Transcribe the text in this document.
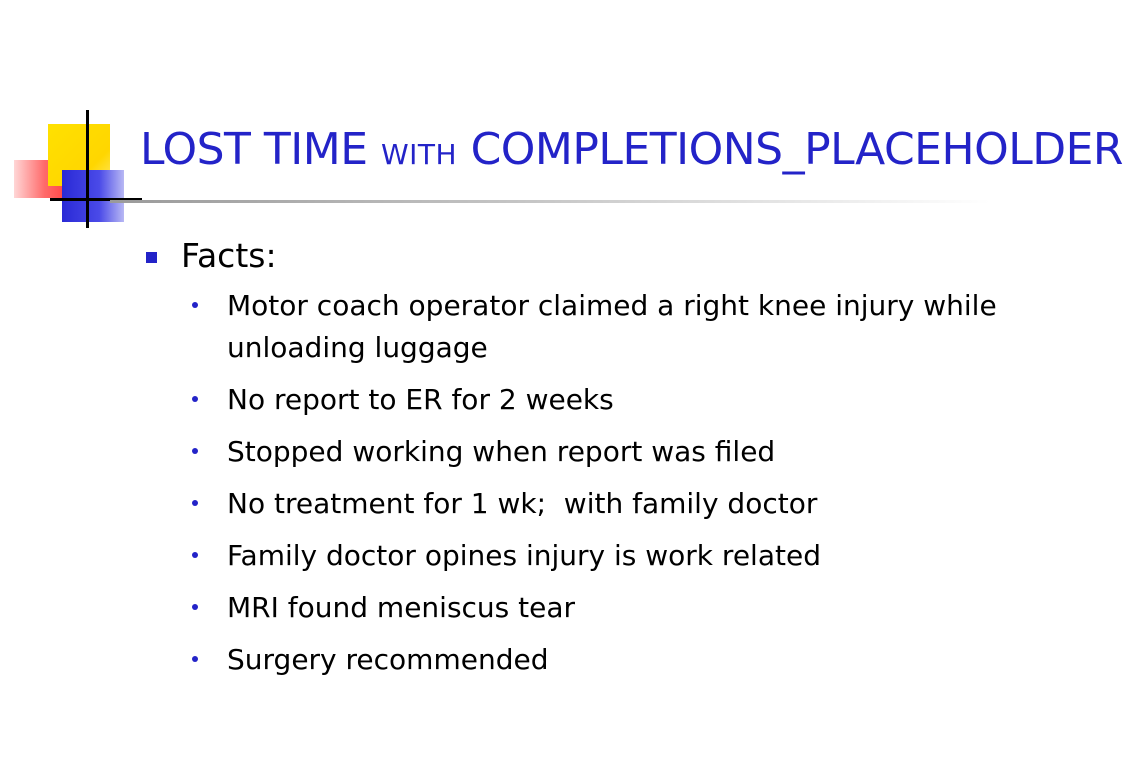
LOST TIME WITH COMPLETIONS_PLACEHOLDER
Facts:
Motor coach operator claimed a right knee injury while unloading luggage
No report to ER for 2 weeks
Stopped working when report was filed
No treatment for 1 wk;  with family doctor
Family doctor opines injury is work related
MRI found meniscus tear
Surgery recommended
